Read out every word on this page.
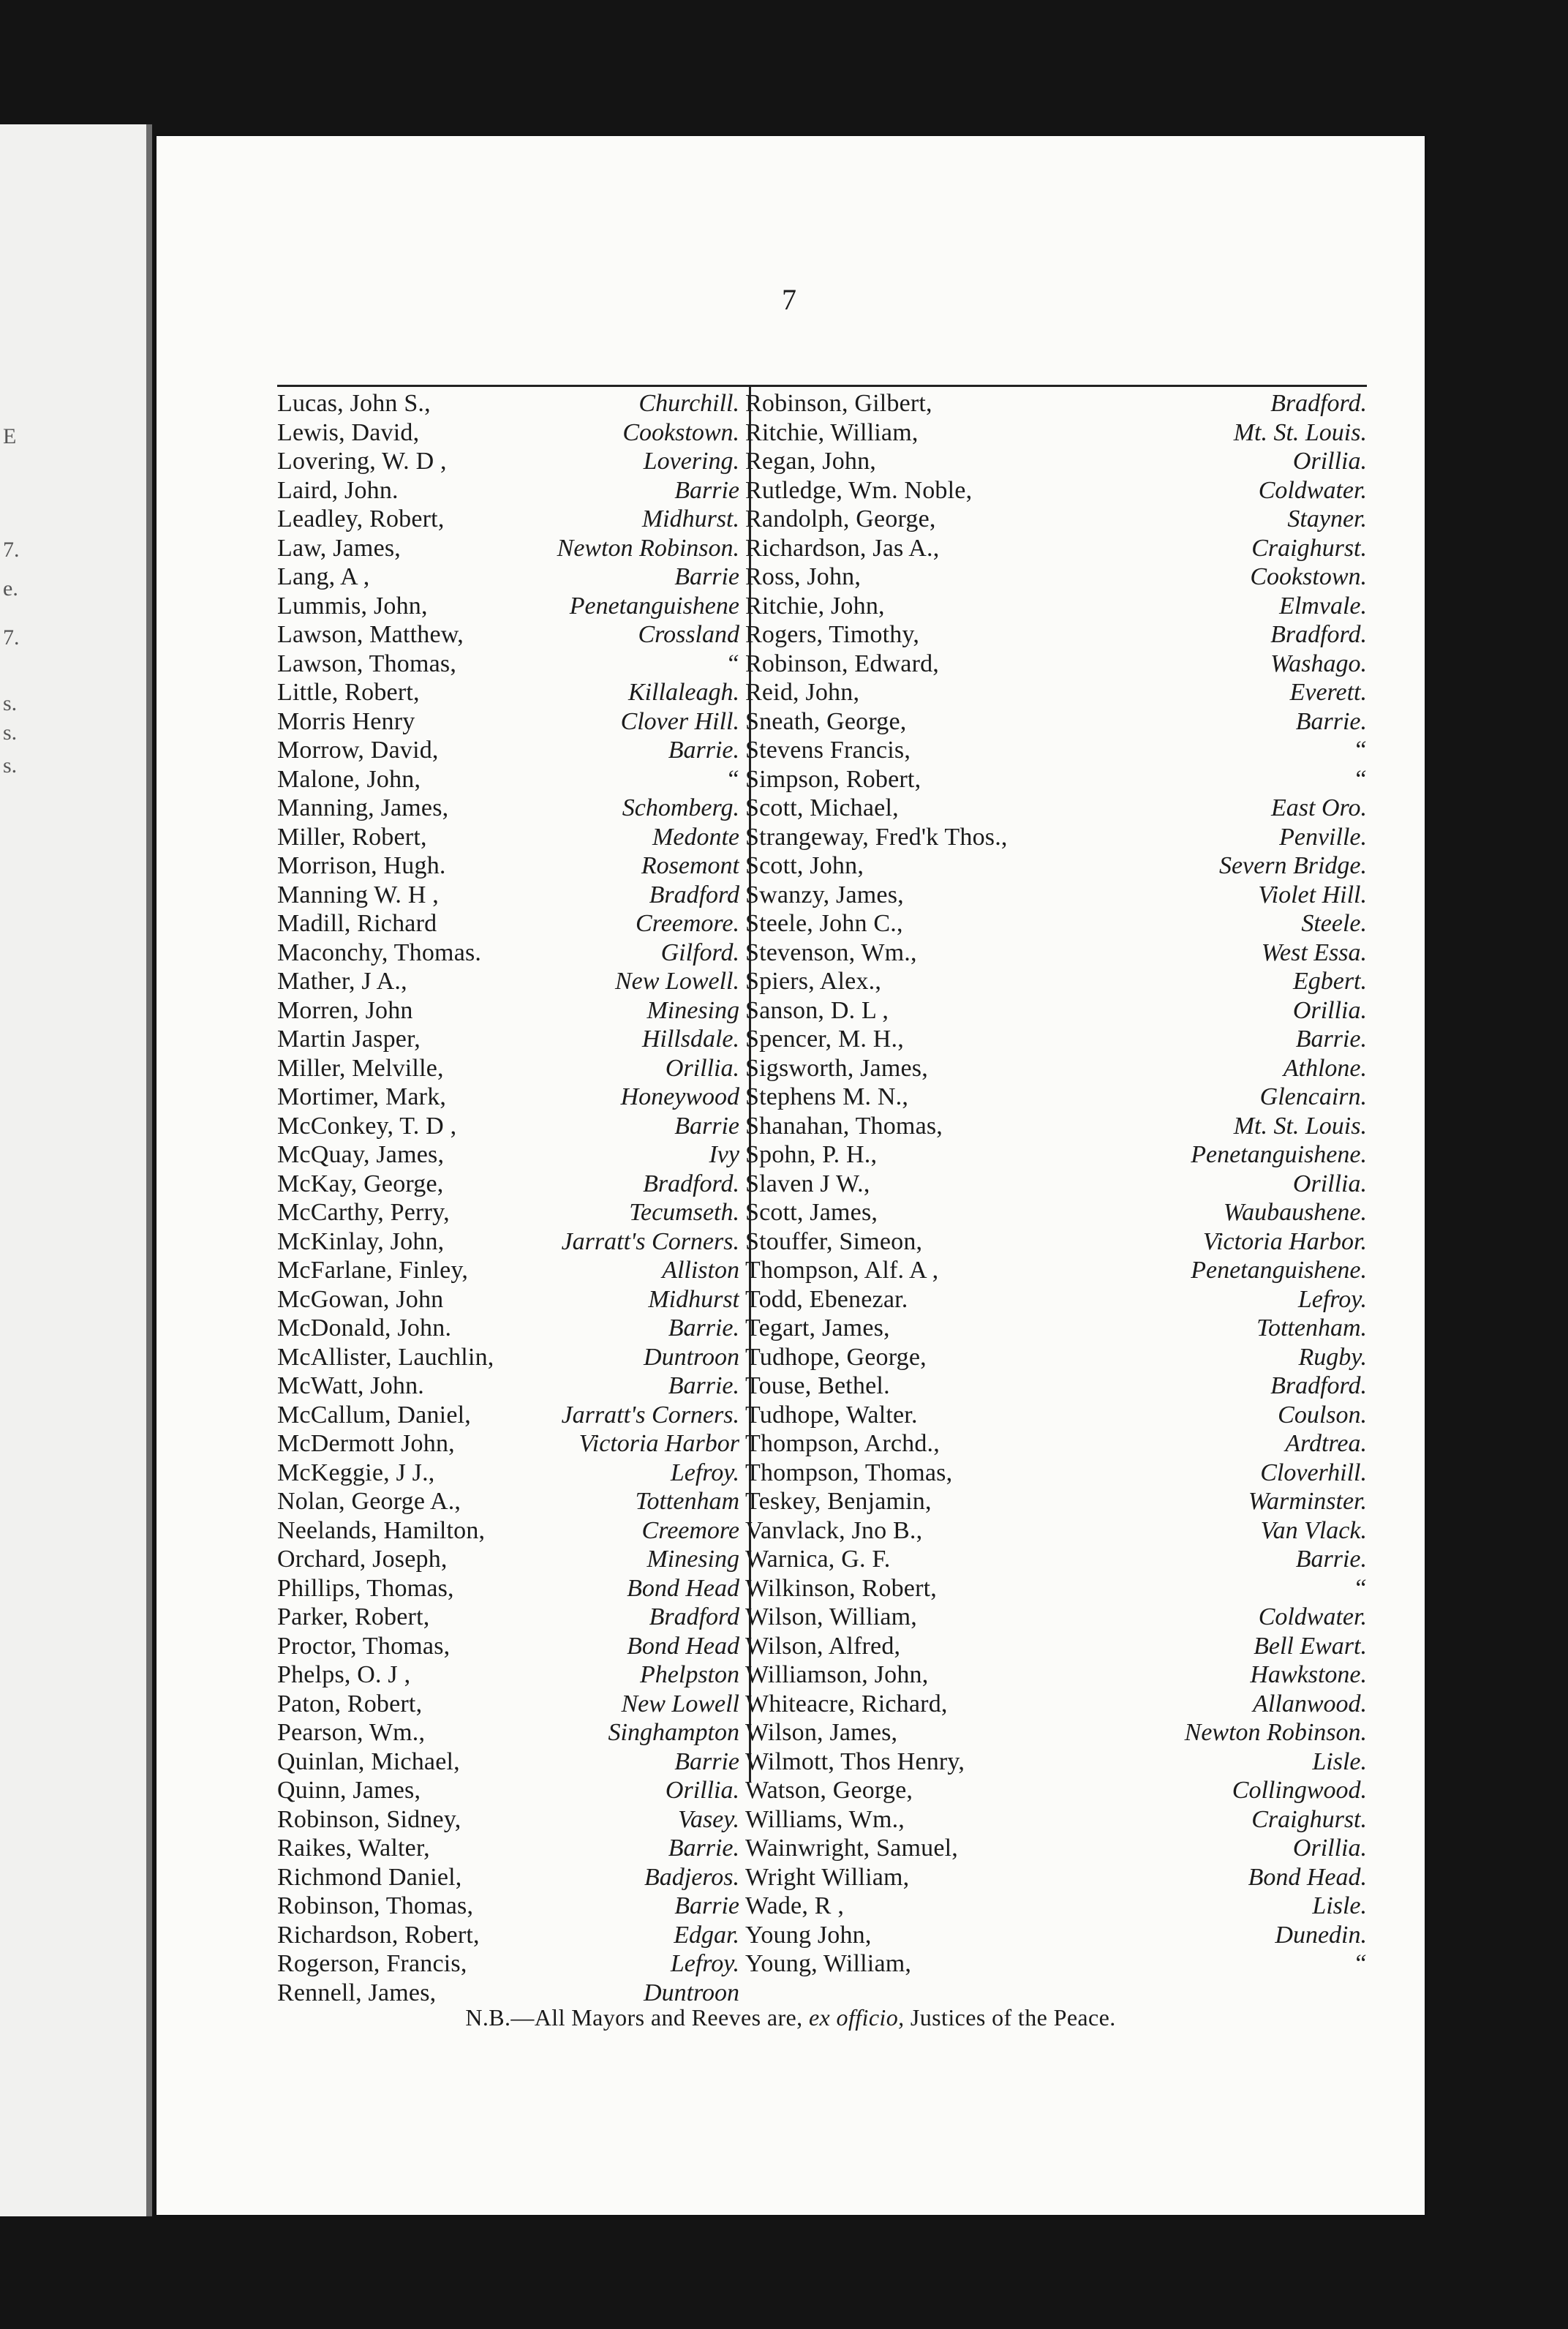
E
7.
e.
7.
s.
s.
s.
7
Lucas, John S.,	Churchill.
Lewis, David,	Cookstown.
Lovering, W. D ,	Lovering.
Laird, John.	Barrie
Leadley, Robert,	Midhurst.
Law, James,	Newton Robinson.
Lang, A ,	Barrie
Lummis, John,	Penetanguishene
Lawson, Matthew,	Crossland
Lawson, Thomas,	“
Little, Robert,	Killaleagh.
Morris Henry	Clover Hill.
Morrow, David,	Barrie.
Malone, John,	“
Manning, James,	Schomberg.
Miller, Robert,	Medonte
Morrison, Hugh.	Rosemont
Manning W. H ,	Bradford
Madill, Richard	Creemore.
Maconchy, Thomas.	Gilford.
Mather, J A.,	New Lowell.
Morren, John	Minesing
Martin Jasper,	Hillsdale.
Miller, Melville,	Orillia.
Mortimer, Mark,	Honeywood
McConkey, T. D ,	Barrie
McQuay, James,	Ivy
McKay, George,	Bradford.
McCarthy, Perry,	Tecumseth.
McKinlay, John,	Jarratt's Corners.
McFarlane, Finley,	Alliston
McGowan, John	Midhurst
McDonald, John.	Barrie.
McAllister, Lauchlin,	Duntroon
McWatt, John.	Barrie.
McCallum, Daniel,	Jarratt's Corners.
McDermott John,	Victoria Harbor
McKeggie, J J.,	Lefroy.
Nolan, George A.,	Tottenham
Neelands, Hamilton,	Creemore
Orchard, Joseph,	Minesing
Phillips, Thomas,	Bond Head
Parker, Robert,	Bradford
Proctor, Thomas,	Bond Head
Phelps, O. J ,	Phelpston
Paton, Robert,	New Lowell
Pearson, Wm.,	Singhampton
Quinlan, Michael,	Barrie
Quinn, James,	Orillia.
Robinson, Sidney,	Vasey.
Raikes, Walter,	Barrie.
Richmond Daniel,	Badjeros.
Robinson, Thomas,	Barrie
Richardson, Robert,	Edgar.
Rogerson, Francis,	Lefroy.
Rennell, James,	Duntroon
Robinson, Gilbert,	Bradford.
Ritchie, William,	Mt. St. Louis.
Regan, John,	Orillia.
Rutledge, Wm. Noble,	Coldwater.
Randolph, George,	Stayner.
Richardson, Jas A.,	Craighurst.
Ross, John,	Cookstown.
Ritchie, John,	Elmvale.
Rogers, Timothy,	Bradford.
Robinson, Edward,	Washago.
Reid, John,	Everett.
Sneath, George,	Barrie.
Stevens Francis,	“
Simpson, Robert,	“
Scott, Michael,	East Oro.
Strangeway, Fred'k Thos.,	Penville.
Scott, John,	Severn Bridge.
Swanzy, James,	Violet Hill.
Steele, John C.,	Steele.
Stevenson, Wm.,	West Essa.
Spiers, Alex.,	Egbert.
Sanson, D. L ,	Orillia.
Spencer, M. H.,	Barrie.
Sigsworth, James,	Athlone.
Stephens M. N.,	Glencairn.
Shanahan, Thomas,	Mt. St. Louis.
Spohn, P. H.,	Penetanguishene.
Slaven J W.,	Orillia.
Scott, James,	Waubaushene.
Stouffer, Simeon,	Victoria Harbor.
Thompson, Alf. A ,	Penetanguishene.
Todd, Ebenezar.	Lefroy.
Tegart, James,	Tottenham.
Tudhope, George,	Rugby.
Touse, Bethel.	Bradford.
Tudhope, Walter.	Coulson.
Thompson, Archd.,	Ardtrea.
Thompson, Thomas,	Cloverhill.
Teskey, Benjamin,	Warminster.
Vanvlack, Jno B.,	Van Vlack.
Warnica, G. F.	Barrie.
Wilkinson, Robert,	“
Wilson, William,	Coldwater.
Wilson, Alfred,	Bell Ewart.
Williamson, John,	Hawkstone.
Whiteacre, Richard,	Allanwood.
Wilson, James,	Newton Robinson.
Wilmott, Thos Henry,	Lisle.
Watson, George,	Collingwood.
Williams, Wm.,	Craighurst.
Wainwright, Samuel,	Orillia.
Wright William,	Bond Head.
Wade, R ,	Lisle.
Young John,	Dunedin.
Young, William,	“
N.B.—All Mayors and Reeves are, ex officio, Justices of the Peace.
